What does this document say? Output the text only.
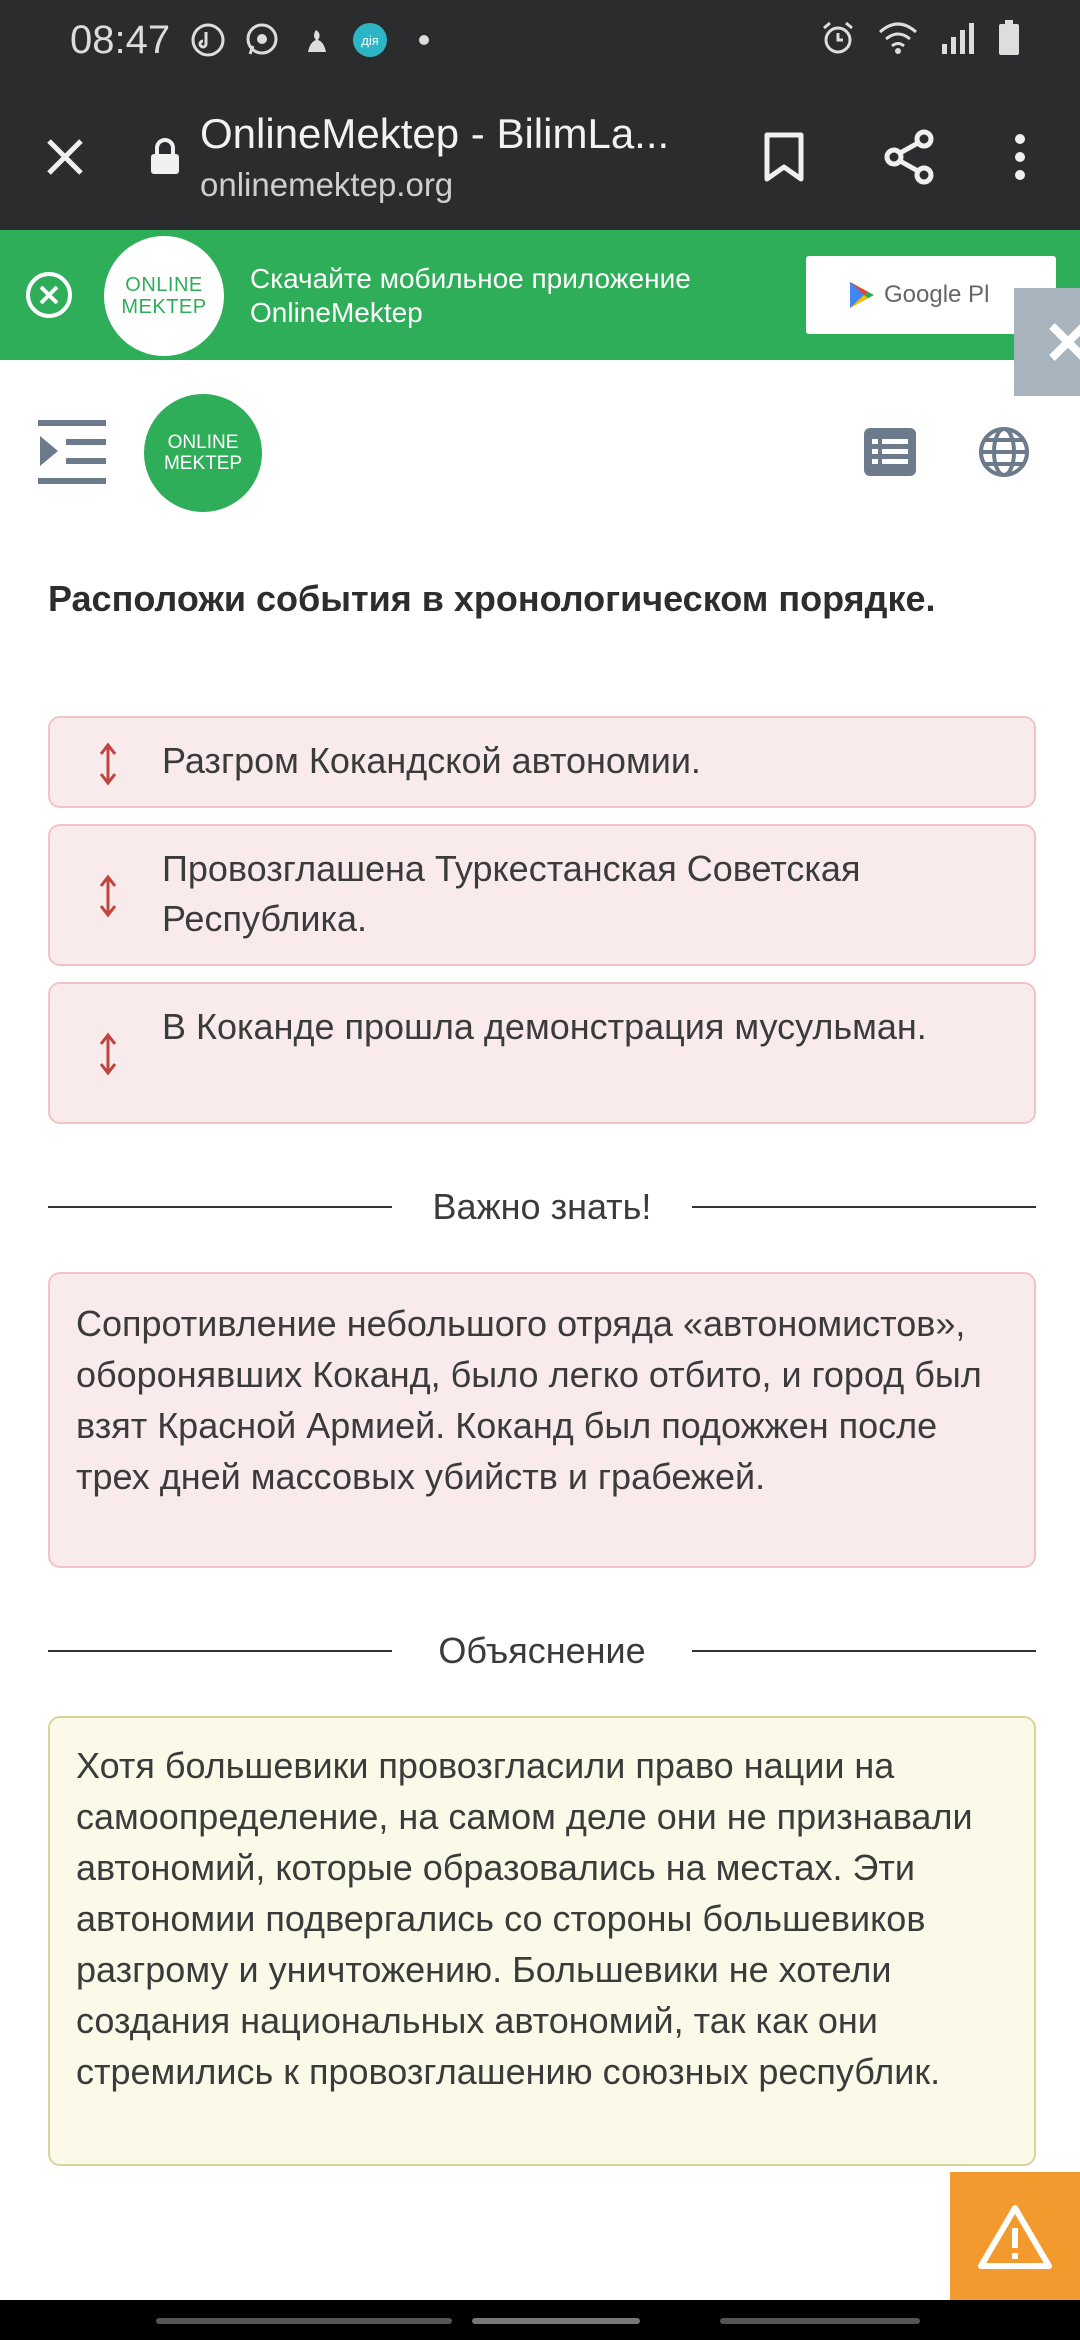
08:47	дія
OnlineMektep - BilimLa...
onlinemektep.org
ONLINE
MEKTEP
Скачайте мобильное приложение OnlineMektep
Google Pl
ONLINE
MEKTEP
Расположи события в хронологическом порядке.
Разгром Кокандской автономии.
Провозглашена Туркестанская Советская Республика.
В Коканде прошла демонстрация мусульман.
Важно знать!
Сопротивление небольшого отряда «автономистов», оборонявших Коканд, было легко отбито, и город был взят Красной Армией. Коканд был подожжен после трех дней массовых убийств и грабежей.
Объяснение
Хотя большевики провозгласили право нации на самоопределение, на самом деле они не признавали автономий, которые образовались на местах. Эти автономии подвергались со стороны большевиков разгрому и уничтожению. Большевики не хотели создания национальных автономий, так как они стремились к провозглашению союзных республик.
